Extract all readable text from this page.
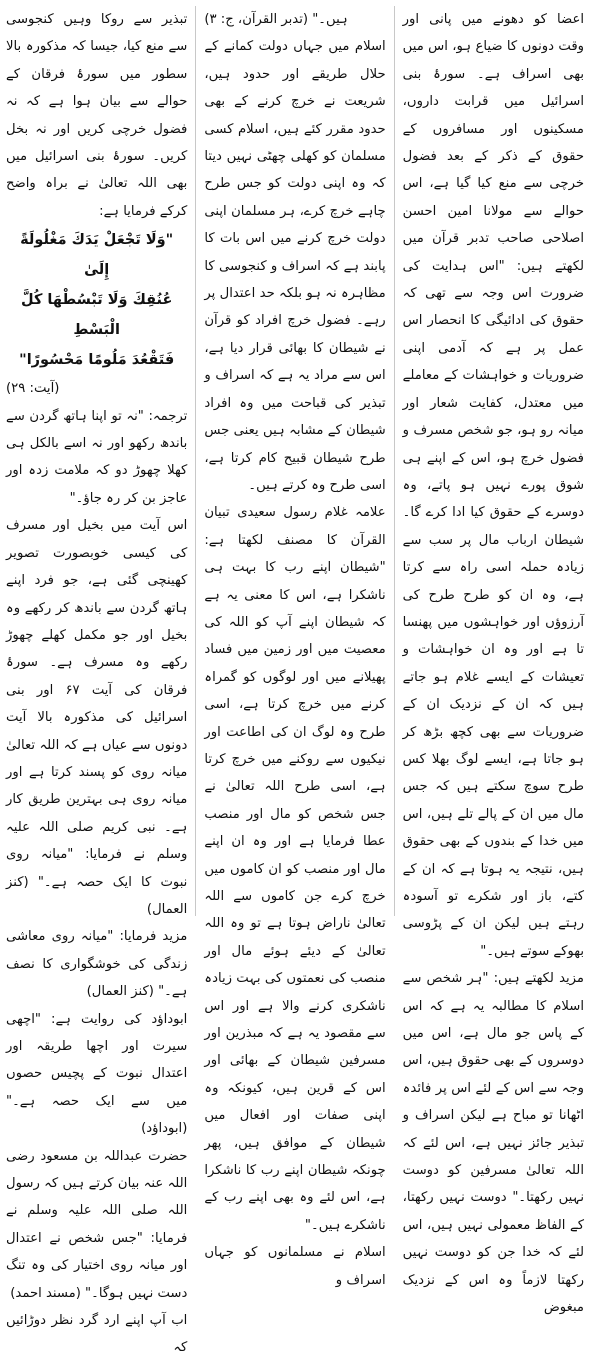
اعضا کو دھونے میں پانی اور وقت دونوں کا ضیاع ہو، اس میں بھی اسراف ہے۔ سورۂ بنی اسرائیل میں قرابت داروں، مسکینوں اور مسافروں کے حقوق کے ذکر کے بعد فضول خرچی سے منع کیا گیا ہے، اس حوالے سے مولانا امین احسن اصلاحی صاحب تدبر قرآن میں لکھتے ہیں: "اس ہدایت کی ضرورت اس وجہ سے تھی کہ حقوق کی ادائیگی کا انحصار اس عمل پر ہے کہ آدمی اپنی ضروریات و خواہشات کے معاملے میں معتدل، کفایت شعار اور میانہ رو ہو، جو شخص مسرف و فضول خرچ ہو، اس کے اپنے ہی شوق پورے نہیں ہو پاتے، وہ دوسرے کے حقوق کیا ادا کرے گا۔ شیطان ارباب مال پر سب سے زیادہ حملہ اسی راہ سے کرتا ہے، وہ ان کو طرح طرح کی آرزوؤں اور خواہشوں میں پھنسا تا ہے اور وہ ان خواہشات و تعیشات کے ایسے غلام ہو جاتے ہیں کہ ان کے نزدیک ان کے ضروریات سے بھی کچھ بڑھ کر ہو جاتا ہے، ایسے لوگ بھلا کس طرح سوچ سکتے ہیں کہ جس مال میں ان کے پالے تلے ہیں، اس میں خدا کے بندوں کے بھی حقوق ہیں، نتیجہ یہ ہوتا ہے کہ ان کے کتے، باز اور شکرے تو آسودہ رہتے ہیں لیکن ان کے پڑوسی بھوکے سوتے ہیں۔"

مزید لکھتے ہیں: "ہر شخص سے اسلام کا مطالبہ یہ ہے کہ اس کے پاس جو مال ہے، اس میں دوسروں کے بھی حقوق ہیں، اس وجہ سے اس کے لئے اس پر فائدہ اٹھانا تو مباح ہے لیکن اسراف و تبذیر جائز نہیں ہے، اس لئے کہ اللہ تعالیٰ مسرفین کو دوست نہیں رکھتا۔" دوست نہیں رکھتا، کے الفاظ معمولی نہیں ہیں، اس لئے کہ خدا جن کو دوست نہیں رکھتا لازماً وہ اس کے نزدیک مبغوض

ہیں۔" (تدبر القرآن، ج: ۳)

اسلام میں جہاں دولت کمانے کے حلال طریقے اور حدود ہیں، شریعت نے خرچ کرنے کے بھی حدود مقرر کئے ہیں، اسلام کسی مسلمان کو کھلی چھٹی نہیں دیتا کہ وہ اپنی دولت کو جس طرح چاہے خرچ کرے، ہر مسلمان اپنی دولت خرچ کرنے میں اس بات کا پابند ہے کہ اسراف و کنجوسی کا مظاہرہ نہ ہو بلکہ حد اعتدال پر رہے۔ فضول خرچ افراد کو قرآن نے شیطان کا بھائی قرار دیا ہے، اس سے مراد یہ ہے کہ اسراف و تبذیر کی قباحت میں وہ افراد شیطان کے مشابہ ہیں یعنی جس طرح شیطان قبیح کام کرتا ہے، اسی طرح وہ کرتے ہیں۔

علامہ غلام رسول سعیدی تبیان القرآن کا مصنف لکھتا ہے: "شیطان اپنے رب کا بہت ہی ناشکرا ہے، اس کا معنی یہ ہے کہ شیطان اپنے آپ کو اللہ کی معصیت میں اور زمین میں فساد پھیلانے میں اور لوگوں کو گمراہ کرنے میں خرچ کرتا ہے، اسی طرح وہ لوگ ان کی اطاعت اور نیکیوں سے روکنے میں خرچ کرتا ہے، اسی طرح اللہ تعالیٰ نے جس شخص کو مال اور منصب عطا فرمایا ہے اور وہ ان اپنے مال اور منصب کو ان کاموں میں خرچ کرے جن کاموں سے اللہ تعالیٰ ناراض ہوتا ہے تو وہ اللہ تعالیٰ کے دیئے ہوئے مال اور منصب کی نعمتوں کی بہت زیادہ ناشکری کرنے والا ہے اور اس سے مقصود یہ ہے کہ مبذرین اور مسرفین شیطان کے بھائی اور اس کے قرین ہیں، کیونکہ وہ اپنی صفات اور افعال میں شیطان کے موافق ہیں، پھر چونکہ شیطان اپنے رب کا ناشکرا ہے، اس لئے وہ بھی اپنے رب کے ناشکرے ہیں۔"

اسلام نے مسلمانوں کو جہاں اسراف و

تبذیر سے روکا وہیں کنجوسی سے منع کیا، جیسا کہ مذکورہ بالا سطور میں سورۂ فرقان کے حوالے سے بیان ہوا ہے کہ نہ فضول خرچی کریں اور نہ بخل کریں۔ سورۂ بنی اسرائیل میں بھی اللہ تعالیٰ نے براہ واضح کرکے فرمایا ہے:

"وَلَا تَجْعَلْ يَدَكَ مَغْلُولَةً إِلَىٰ

عُنُقِكَ وَلَا تَبْسُطْهَا كُلَّ الْبَسْطِ

فَتَقْعُدَ مَلُومًا مَحْسُورًا"

(آیت: ۲۹)

ترجمہ: "نہ تو اپنا ہاتھ گردن سے باندھ رکھو اور نہ اسے بالکل ہی کھلا چھوڑ دو کہ ملامت زدہ اور عاجز بن کر رہ جاؤ۔"

اس آیت میں بخیل اور مسرف کی کیسی خوبصورت تصویر کھینچی گئی ہے، جو فرد اپنے ہاتھ گردن سے باندھ کر رکھے وہ بخیل اور جو مکمل کھلے چھوڑ رکھے وہ مسرف ہے۔ سورۂ فرقان کی آیت ۶۷ اور بنی اسرائیل کی مذکورہ بالا آیت دونوں سے عیاں ہے کہ اللہ تعالیٰ میانہ روی کو پسند کرتا ہے اور میانہ روی ہی بہترین طریق کار ہے۔ نبی کریم صلی اللہ علیہ وسلم نے فرمایا: "میانہ روی نبوت کا ایک حصہ ہے۔" (کنز العمال)

مزید فرمایا: "میانہ روی معاشی زندگی کی خوشگواری کا نصف ہے۔" (کنز العمال)

ابوداؤد کی روایت ہے: "اچھی سیرت اور اچھا طریقہ اور اعتدال نبوت کے پچیس حصوں میں سے ایک حصہ ہے۔" (ابوداؤد)

حضرت عبداللہ بن مسعود رضی اللہ عنہ بیان کرتے ہیں کہ رسول اللہ صلی اللہ علیہ وسلم نے فرمایا: "جس شخص نے اعتدال اور میانہ روی اختیار کی وہ تنگ دست نہیں ہوگا۔" (مسند احمد)

اب آپ اپنے ارد گرد نظر دوڑائیں کہ
